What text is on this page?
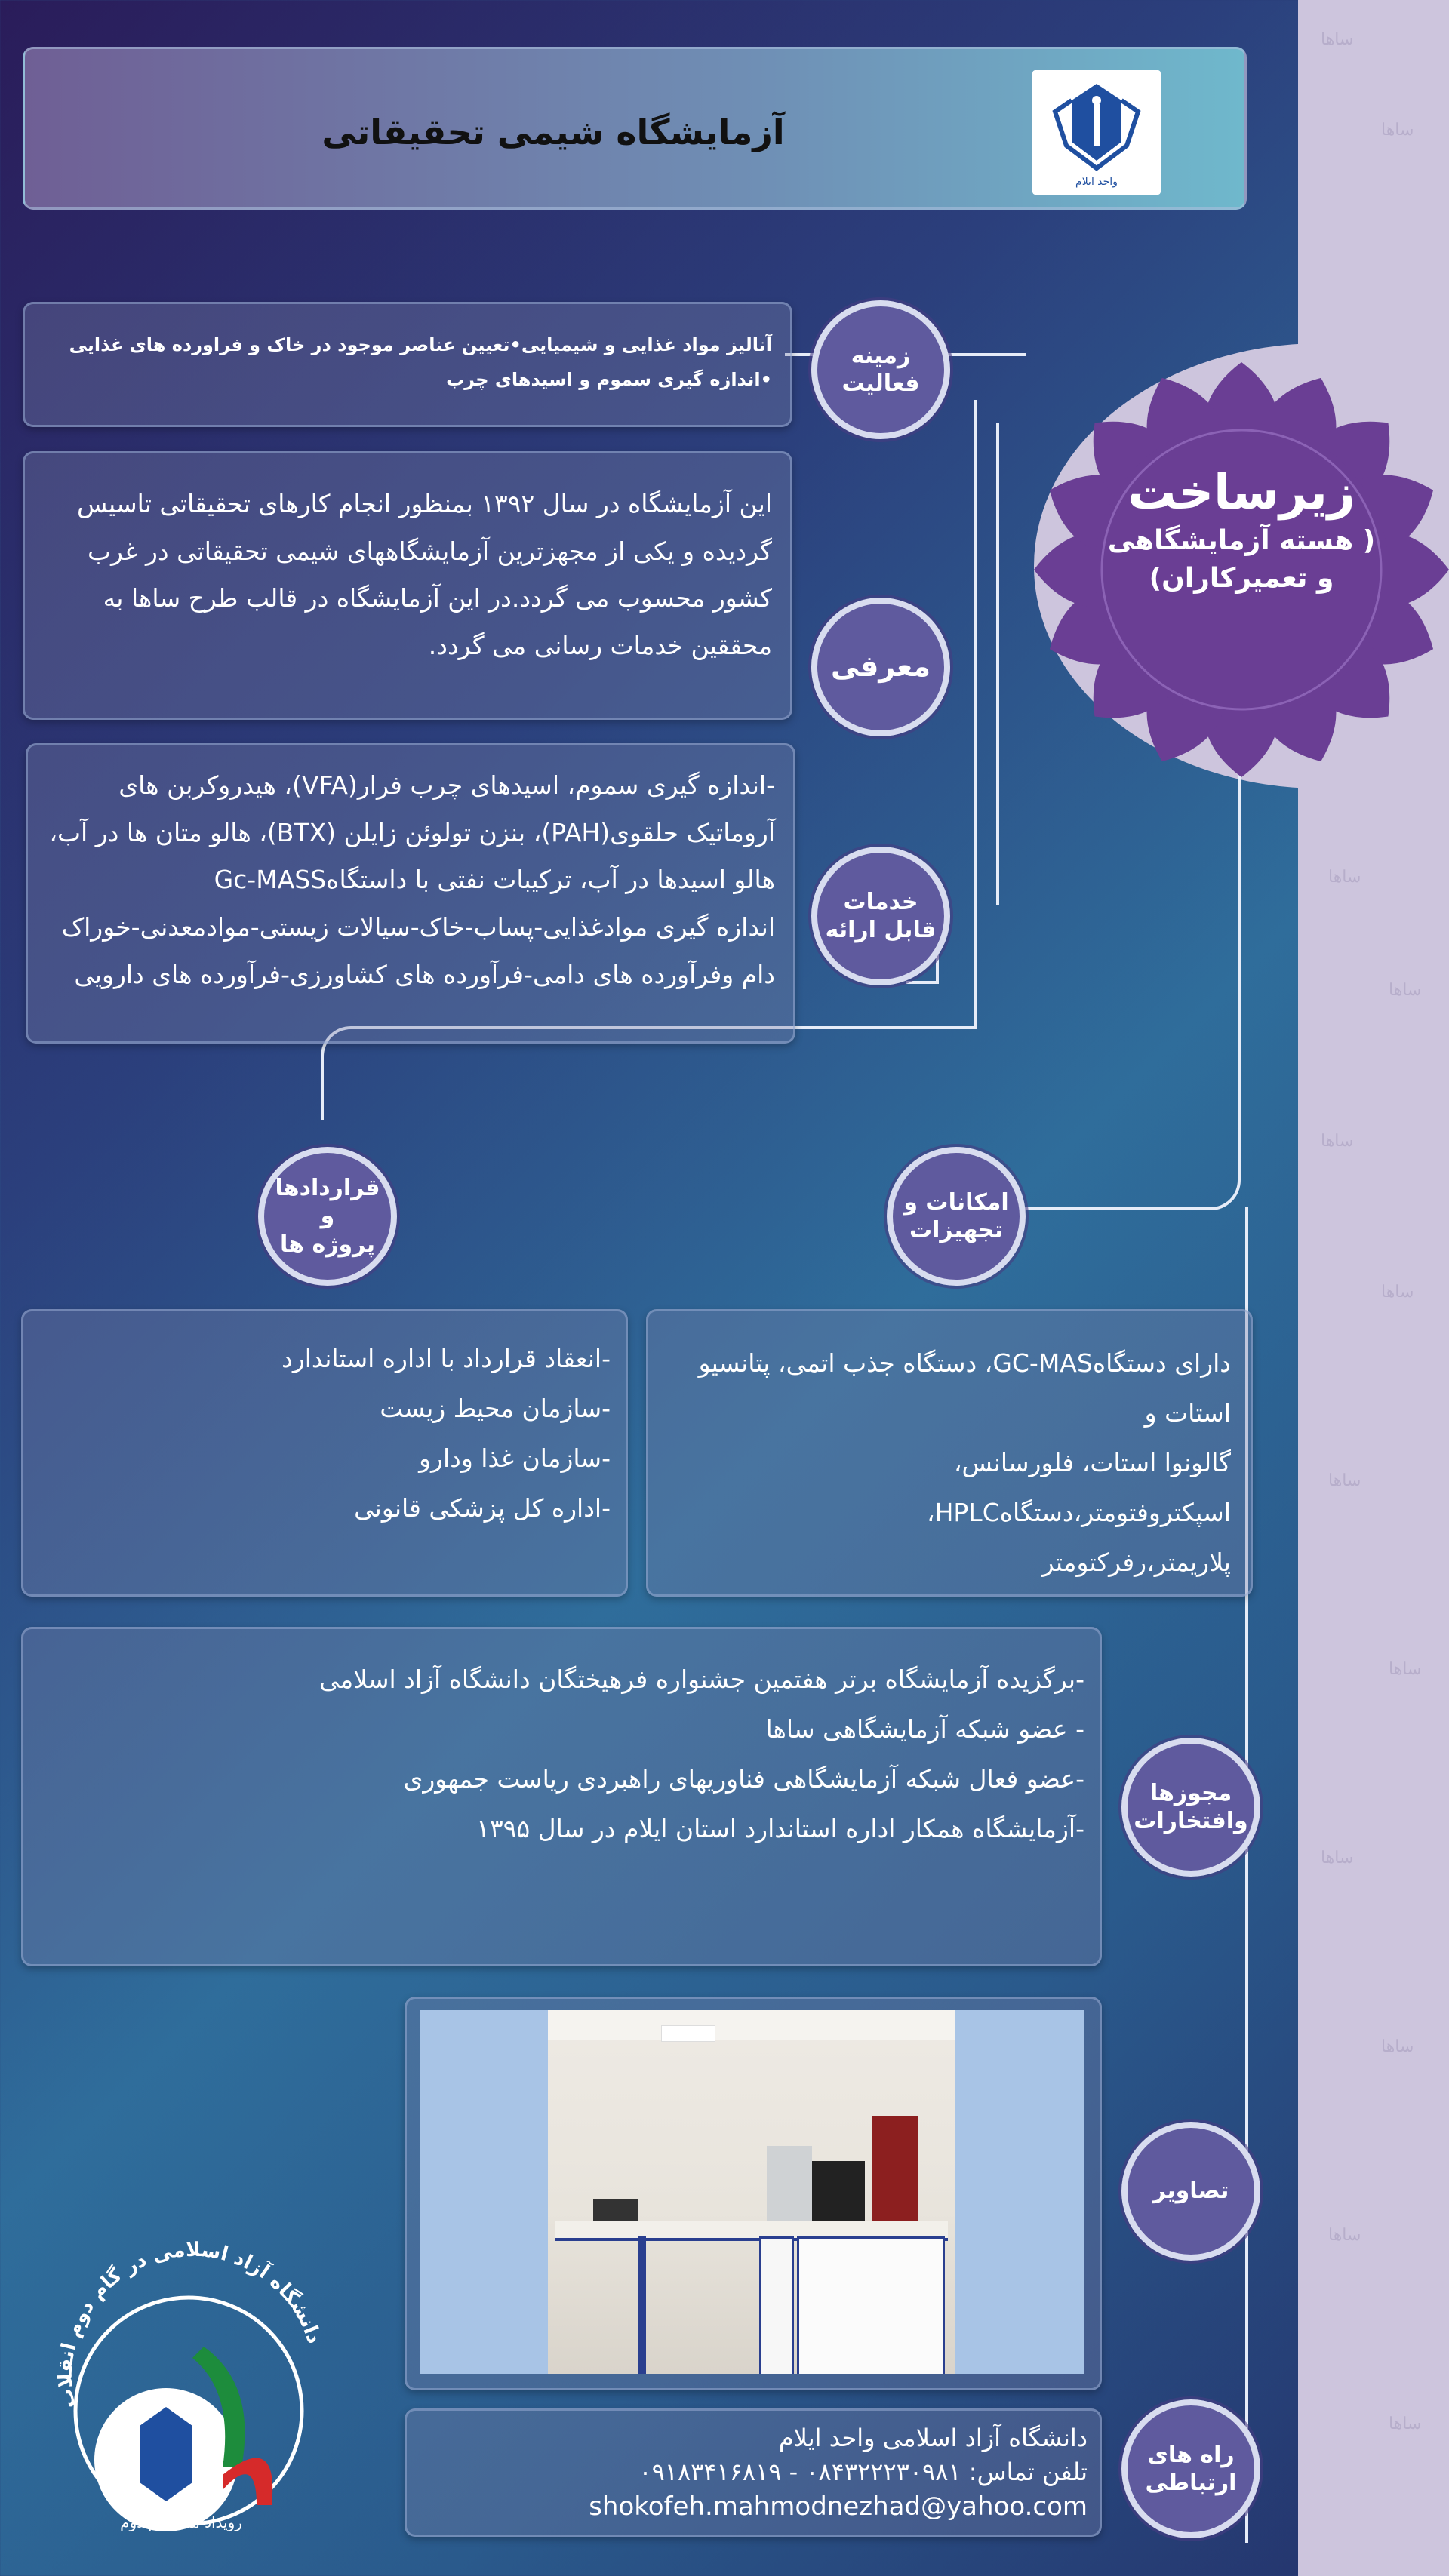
ساها
ساها
ساها
ساها
ساها
ساها
ساها
ساها
ساها
ساها
ساها
ساها
آزمایشگاه شیمی تحقیقاتی
واحد ایلام
زیرساخت
( هسته آزمایشگاهی
و تعمیرکاران)

آنالیز مواد غذایی و شیمیایی•تعیین عناصر موجود در خاک و فراورده های غذایی

•اندازه گیری سموم و اسیدهای چرب

زمینه
فعالیت

این آزمایشگاه در سال ۱۳۹۲ بمنظور انجام کارهای تحقیقاتی تاسیس

گردیده و یکی از مجهزترین آزمایشگاههای شیمی تحقیقاتی در غرب

کشور محسوب می گردد.در این آزمایشگاه در قالب طرح ساها به

محققین خدمات رسانی می گردد.

معرفی

-اندازه گیری سموم، اسیدهای چرب فرار(VFA)، هیدروکربن های

آروماتیک حلقوی(PAH)، بنزن تولوئن زایلن (BTX)، هالو متان ها در آب،

هالو اسیدها در آب، ترکیبات نفتی با داستگاهGc-MASS

اندازه گیری موادغذایی-پساب-خاک-سیالات زیستی-موادمعدنی-خوراک

دام وفرآورده های دامی-فرآورده های کشاورزی-فرآورده های دارویی

خدمات
قابل ارائه
قراردادها و
پروژه ها

-انعقاد قرارداد با اداره استاندارد

-سازمان محیط زیست

-سازمان غذا ودارو

-اداره کل پزشکی قانونی

امکانات و
تجهیزات

دارای دستگاهGC-MAS، دستگاه جذب اتمی، پتانسیو استات و

گالونوا استات، فلورسانس، اسپکتروفتومتر،دستگاهHPLC،

پلاریمتر،رفرکتومتر

-برگزیده آزمایشگاه برتر هفتمین جشنواره فرهیختگان دانشگاه آزاد اسلامی

- عضو شبکه آزمایشگاهی ساها

-عضو فعال شبکه آزمایشگاهی فناوریهای راهبردی ریاست جمهوری

-آزمایشگاه همکار اداره استاندارد استان ایلام در سال ۱۳۹۵

مجوزها
وافتخارات
تصاویر

دانشگاه آزاد اسلامی واحد ایلام

تلفن تماس: ۰۸۴۳۲۲۲۳۰۹۸۱ - ۰۹۱۸۳۴۱۶۸۱۹

shokofeh.mahmodnezhad@yahoo.com

راه های
ارتباطی
دانشگاه آزاد اسلامی در گام دوم انقلاب
رویداد ملی گام دوم
